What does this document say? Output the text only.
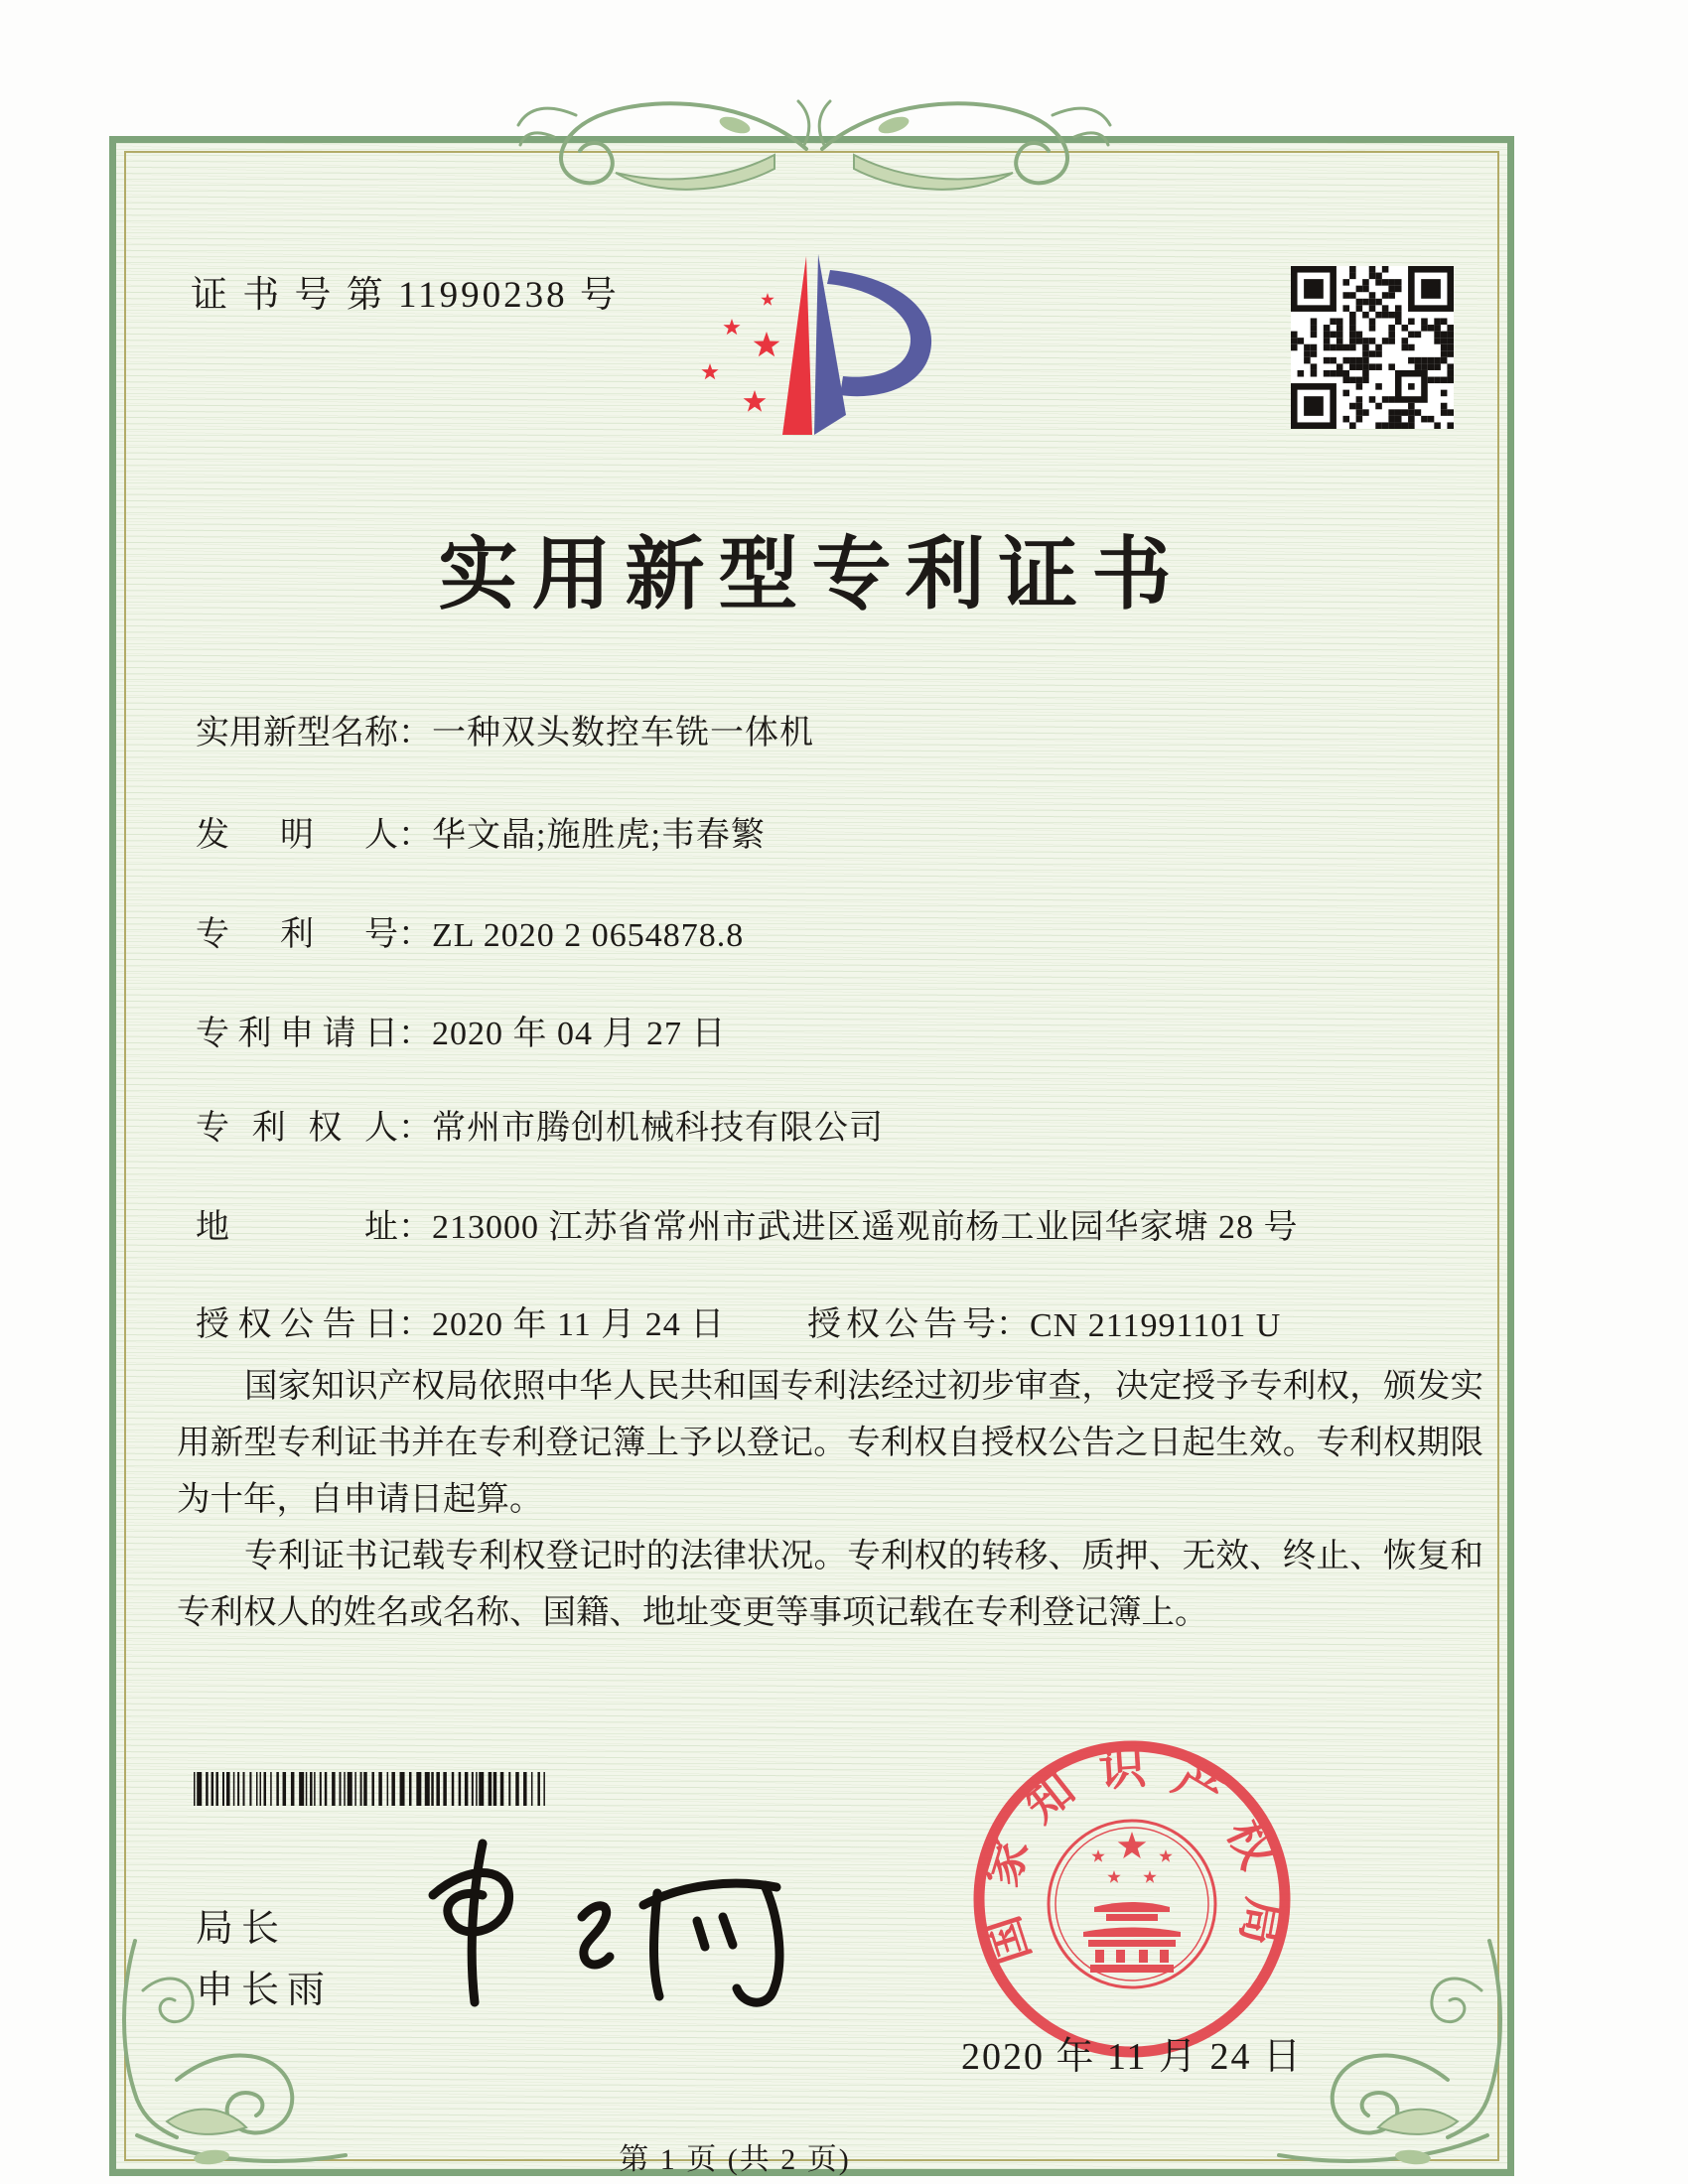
证 书 号 第 11990238 号
实用新型专利证书
实用新型名称：一种双头数控车铣一体机
发明人：华文晶;施胜虎;韦春繁
专利号：ZL 2020 2 0654878.8
专利申请日：2020 年 04 月 27 日
专利权人：常州市腾创机械科技有限公司
地址：213000 江苏省常州市武进区遥观前杨工业园华家塘 28 号
授权公告日：2020 年 11 月 24 日 授权公告号：CN 211991101 U

国家知识产权局依照中华人民共和国专利法经过初步审查，决定授予专利权，颁发实用新型专利证书并在专利登记簿上予以登记。专利权自授权公告之日起生效。专利权期限为十年，自申请日起算。

专利证书记载专利权登记时的法律状况。专利权的转移、质押、无效、终止、恢复和专利权人的姓名或名称、国籍、地址变更等事项记载在专利登记簿上。

局长
申长雨
国家知识产权局
2020 年 11 月 24 日
第 1 页 (共 2 页)
